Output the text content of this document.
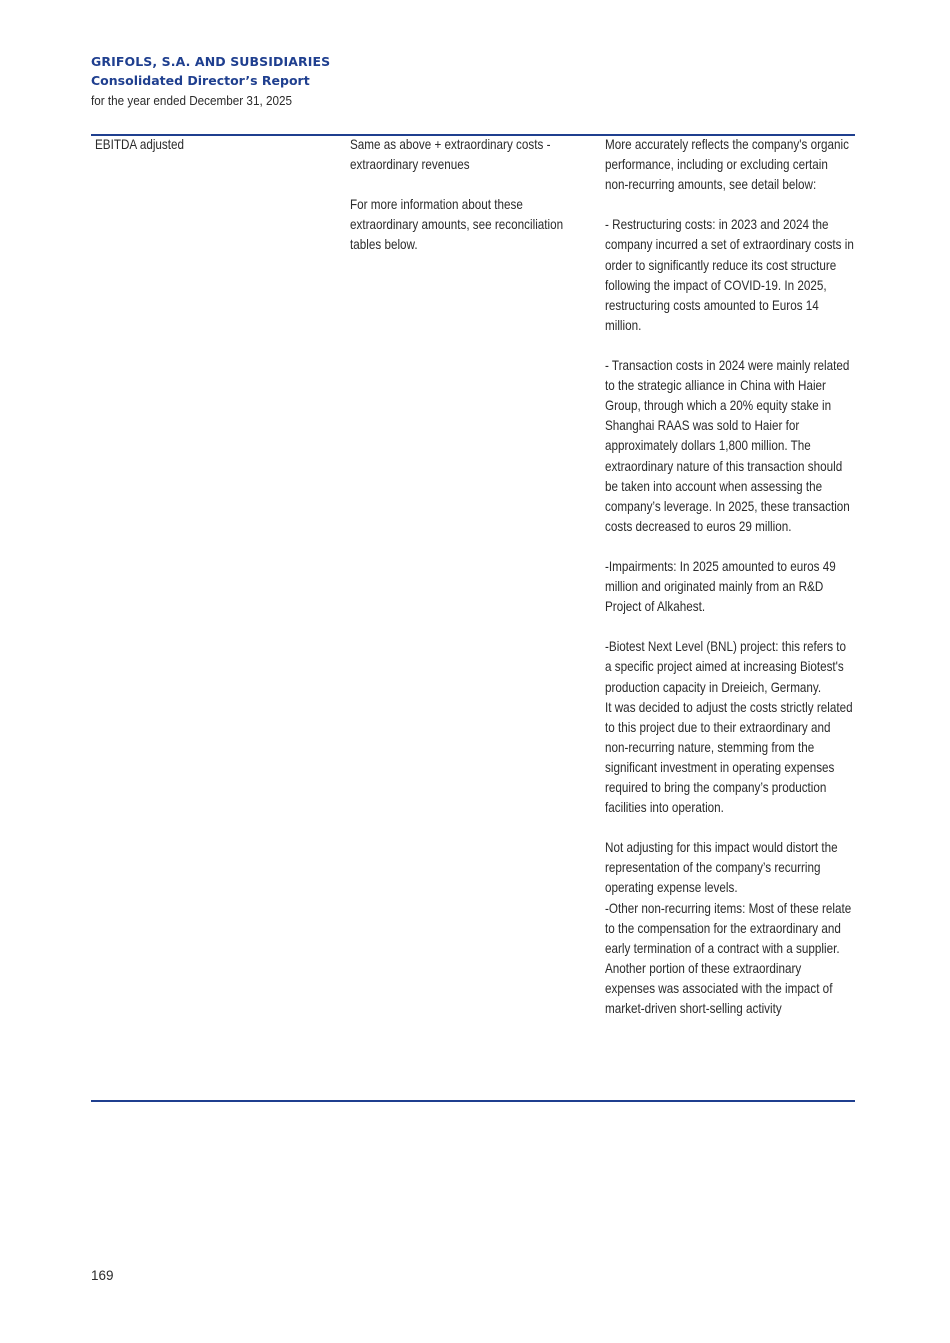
GRIFOLS, S.A. AND SUBSIDIARIES
Consolidated Director’s Report
for the year ended December 31, 2025

EBITDA adjusted	Same as above + extraordinary costs - extraordinary revenues

For more information about these extraordinary amounts, see reconciliation tables below.

More accurately reflects the company's organic performance, including or excluding certain non-recurring amounts, see detail below:

- Restructuring costs: in 2023 and 2024 the company incurred a set of extraordinary costs in order to significantly reduce its cost structure following the impact of COVID-19. In 2025, restructuring costs amounted to Euros 14 million.

- Transaction costs in 2024 were mainly related to the strategic alliance in China with Haier Group, through which a 20% equity stake in Shanghai RAAS was sold to Haier for approximately dollars 1,800 million. The extraordinary nature of this transaction should be taken into account when assessing the company’s leverage. In 2025, these transaction costs decreased to euros 29 million.

-Impairments: In 2025 amounted to euros 49 million and originated mainly from an R&D Project of Alkahest.

-Biotest Next Level (BNL) project: this refers to a specific project aimed at increasing Biotest's production capacity in Dreieich, Germany.

It was decided to adjust the costs strictly related to this project due to their extraordinary and non-recurring nature, stemming from the significant investment in operating expenses required to bring the company’s production facilities into operation.

Not adjusting for this impact would distort the representation of the company’s recurring operating expense levels.

-Other non-recurring items: Most of these relate to the compensation for the extraordinary and early termination of a contract with a supplier. Another portion of these extraordinary expenses was associated with the impact of market-driven short-selling activity

169
